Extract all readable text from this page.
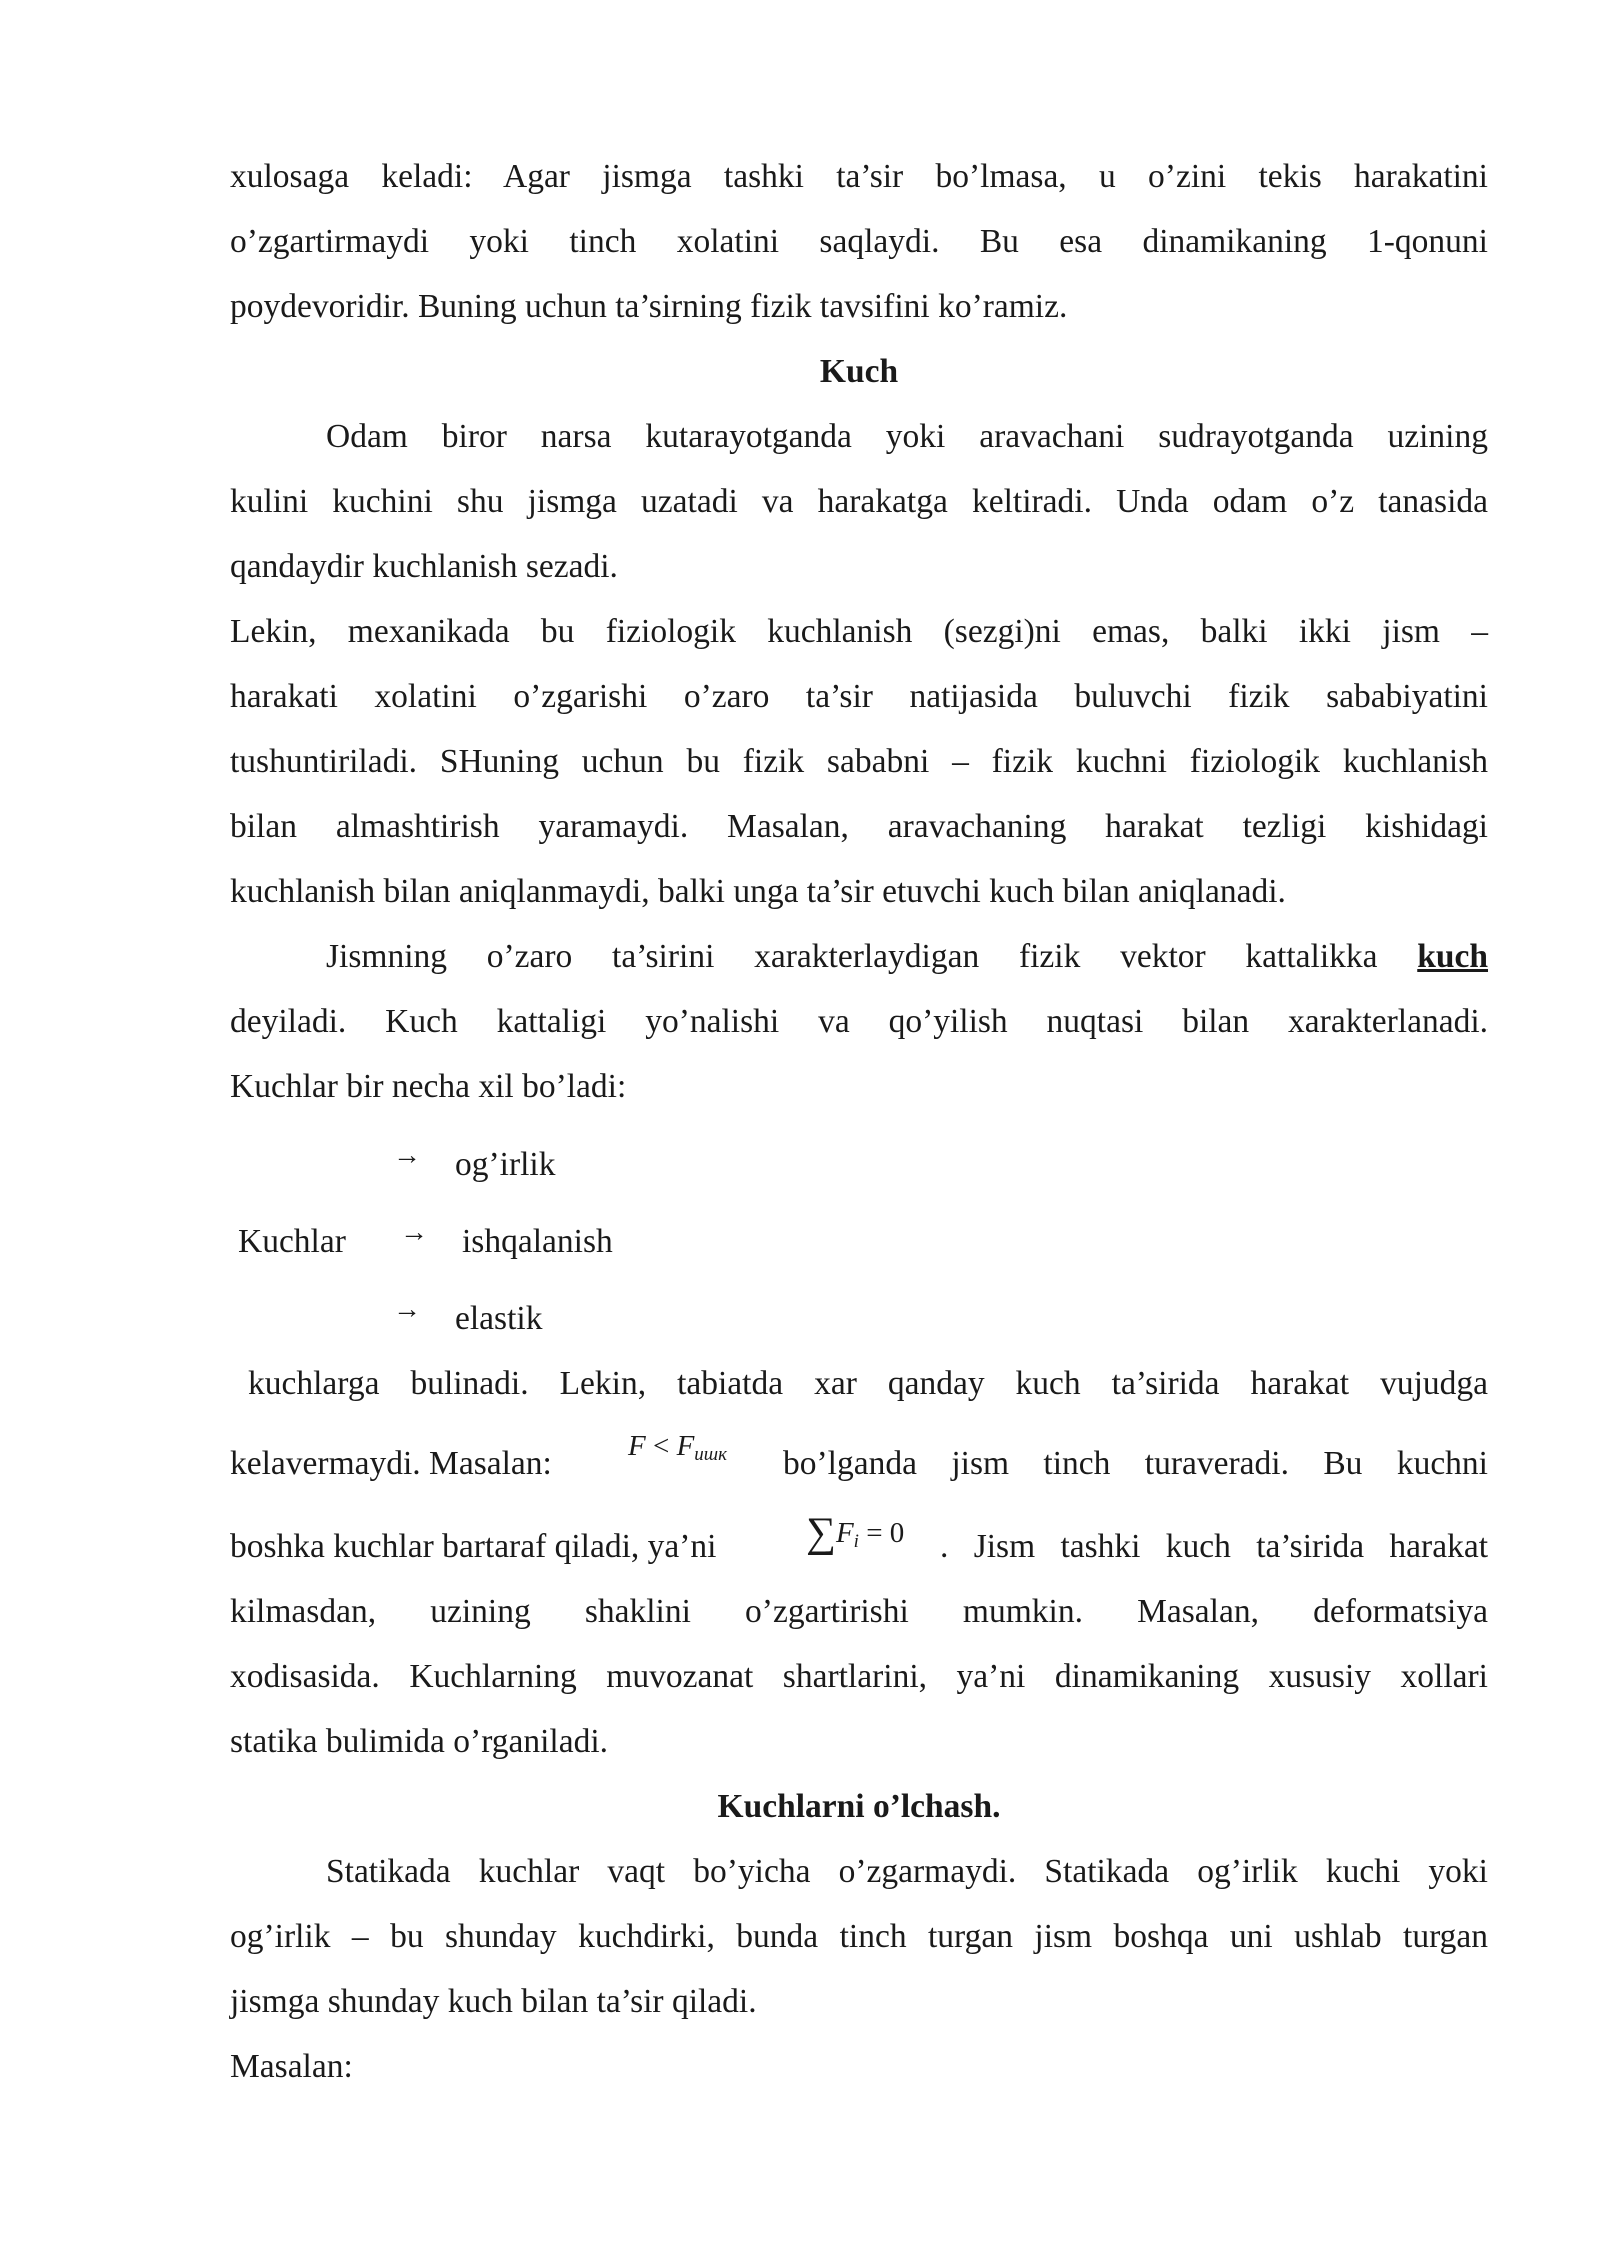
xulosaga keladi: Agar jismga tashki ta’sir bo’lmasa, u o’zini tekis harakatini
o’zgartirmaydi yoki tinch xolatini saqlaydi. Bu esa dinamikaning 1-qonuni
poydevoridir. Buning uchun ta’sirning fizik tavsifini ko’ramiz.
Kuch
Odam biror narsa kutarayotganda yoki aravachani sudrayotganda uzining
kulini kuchini shu jismga uzatadi va harakatga keltiradi. Unda odam o’z tanasida
qandaydir kuchlanish sezadi.
Lekin, mexanikada bu fiziologik kuchlanish (sezgi)ni emas, balki ikki jism –
harakati xolatini o’zgarishi o’zaro ta’sir natijasida buluvchi fizik sababiyatini
tushuntiriladi. SHuning uchun bu fizik sababni – fizik kuchni fiziologik kuchlanish
bilan almashtirish yaramaydi. Masalan, aravachaning harakat tezligi kishidagi
kuchlanish bilan aniqlanmaydi, balki unga ta’sir etuvchi kuch bilan aniqlanadi.
Jismning o’zaro ta’sirini xarakterlaydigan fizik vektor kattalikka kuch
deyiladi. Kuch kattaligi yo’nalishi va qo’yilish nuqtasi bilan xarakterlanadi.
Kuchlar bir necha xil bo’ladi:
→ og’irlik
Kuchlar → ishqalanish
→ elastik
kuchlarga bulinadi. Lekin, tabiatda xar qanday kuch ta’sirida harakat vujudga
kelavermaydi. Masalan:	F < Fишк bo’lganda jism tinch turaveradi. Bu kuchni
boshka kuchlar bartaraf qiladi, ya’ni ∑Fi = 0 . Jism tashki kuch ta’sirida harakat
kilmasdan, uzining shaklini o’zgartirishi mumkin. Masalan, deformatsiya
xodisasida. Kuchlarning muvozanat shartlarini, ya’ni dinamikaning xususiy xollari
statika bulimida o’rganiladi.
Kuchlarni o’lchash.
Statikada kuchlar vaqt bo’yicha o’zgarmaydi. Statikada og’irlik kuchi yoki
og’irlik – bu shunday kuchdirki, bunda tinch turgan jism boshqa uni ushlab turgan
jismga shunday kuch bilan ta’sir qiladi.
Masalan:
